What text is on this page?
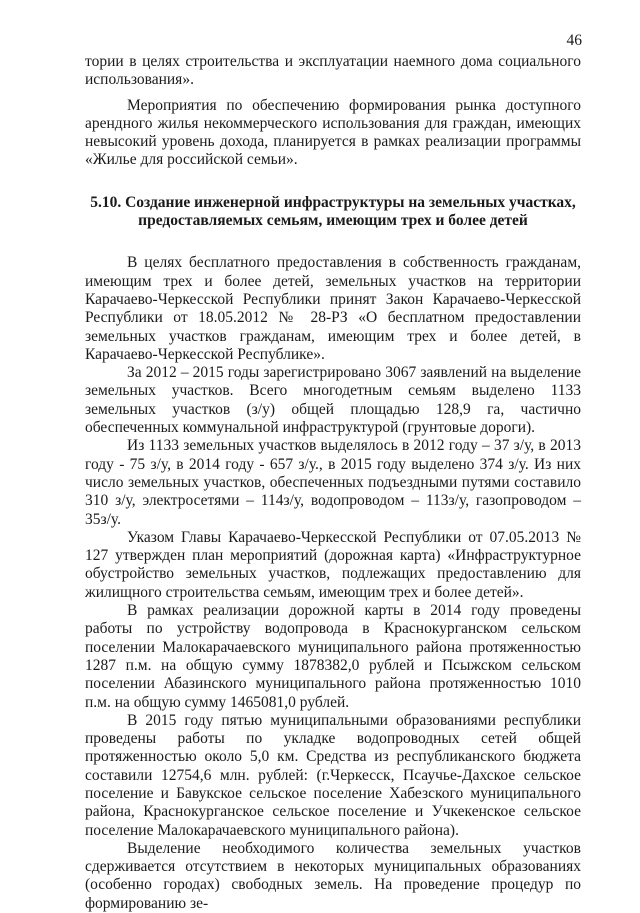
46

тории в целях строительства и эксплуатации наемного дома социального использования».

Мероприятия по обеспечению формирования рынка доступного арендного жилья некоммерческого использования для граждан, имеющих невысокий уровень дохода, планируется в рамках реализации программы «Жилье для российской семьи».

5.10. Создание инженерной инфраструктуры на земельных участках, предоставляемых семьям, имеющим трех и более детей

В целях бесплатного предоставления в собственность гражданам, имеющим трех и более детей, земельных участков на территории Карачаево-Черкесской Республики принят Закон Карачаево-Черкесской Республики от 18.05.2012 № 28-РЗ «О бесплатном предоставлении земельных участков гражданам, имеющим трех и более детей, в Карачаево-Черкесской Республике».

За 2012 – 2015 годы зарегистрировано 3067 заявлений на выделение земельных участков. Всего многодетным семьям выделено 1133 земельных участков (з/у) общей площадью 128,9 га, частично обеспеченных коммунальной инфраструктурой (грунтовые дороги).

Из 1133 земельных участков выделялось в 2012 году – 37 з/у, в 2013 году - 75 з/у, в 2014 году - 657 з/у., в 2015 году выделено 374 з/у. Из них число земельных участков, обеспеченных подъездными путями составило 310 з/у, электросетями – 114з/у, водопроводом – 113з/у, газопроводом – 35з/у.

Указом Главы Карачаево-Черкесской Республики от 07.05.2013 № 127 утвержден план мероприятий (дорожная карта) «Инфраструктурное обустройство земельных участков, подлежащих предоставлению для жилищного строительства семьям, имеющим трех и более детей».

В рамках реализации дорожной карты в 2014 году проведены работы по устройству водопровода в Краснокурганском сельском поселении Малокарачаевского муниципального района протяженностью 1287 п.м. на общую сумму 1878382,0 рублей и Псыжском сельском поселении Абазинского муниципального района протяженностью 1010 п.м. на общую сумму 1465081,0 рублей.

В 2015 году пятью муниципальными образованиями республики проведены работы по укладке водопроводных сетей общей протяженностью около 5,0 км. Средства из республиканского бюджета составили 12754,6 млн. рублей: (г.Черкесск, Псаучье-Дахское сельское поселение и Бавукское сельское поселение Хабезского муниципального района, Краснокурганское сельское поселение и Учкекенское сельское поселение Малокарачаевского муниципального района).

Выделение необходимого количества земельных участков сдерживается отсутствием в некоторых муниципальных образованиях (особенно городах) свободных земель. На проведение процедур по формированию зе-
